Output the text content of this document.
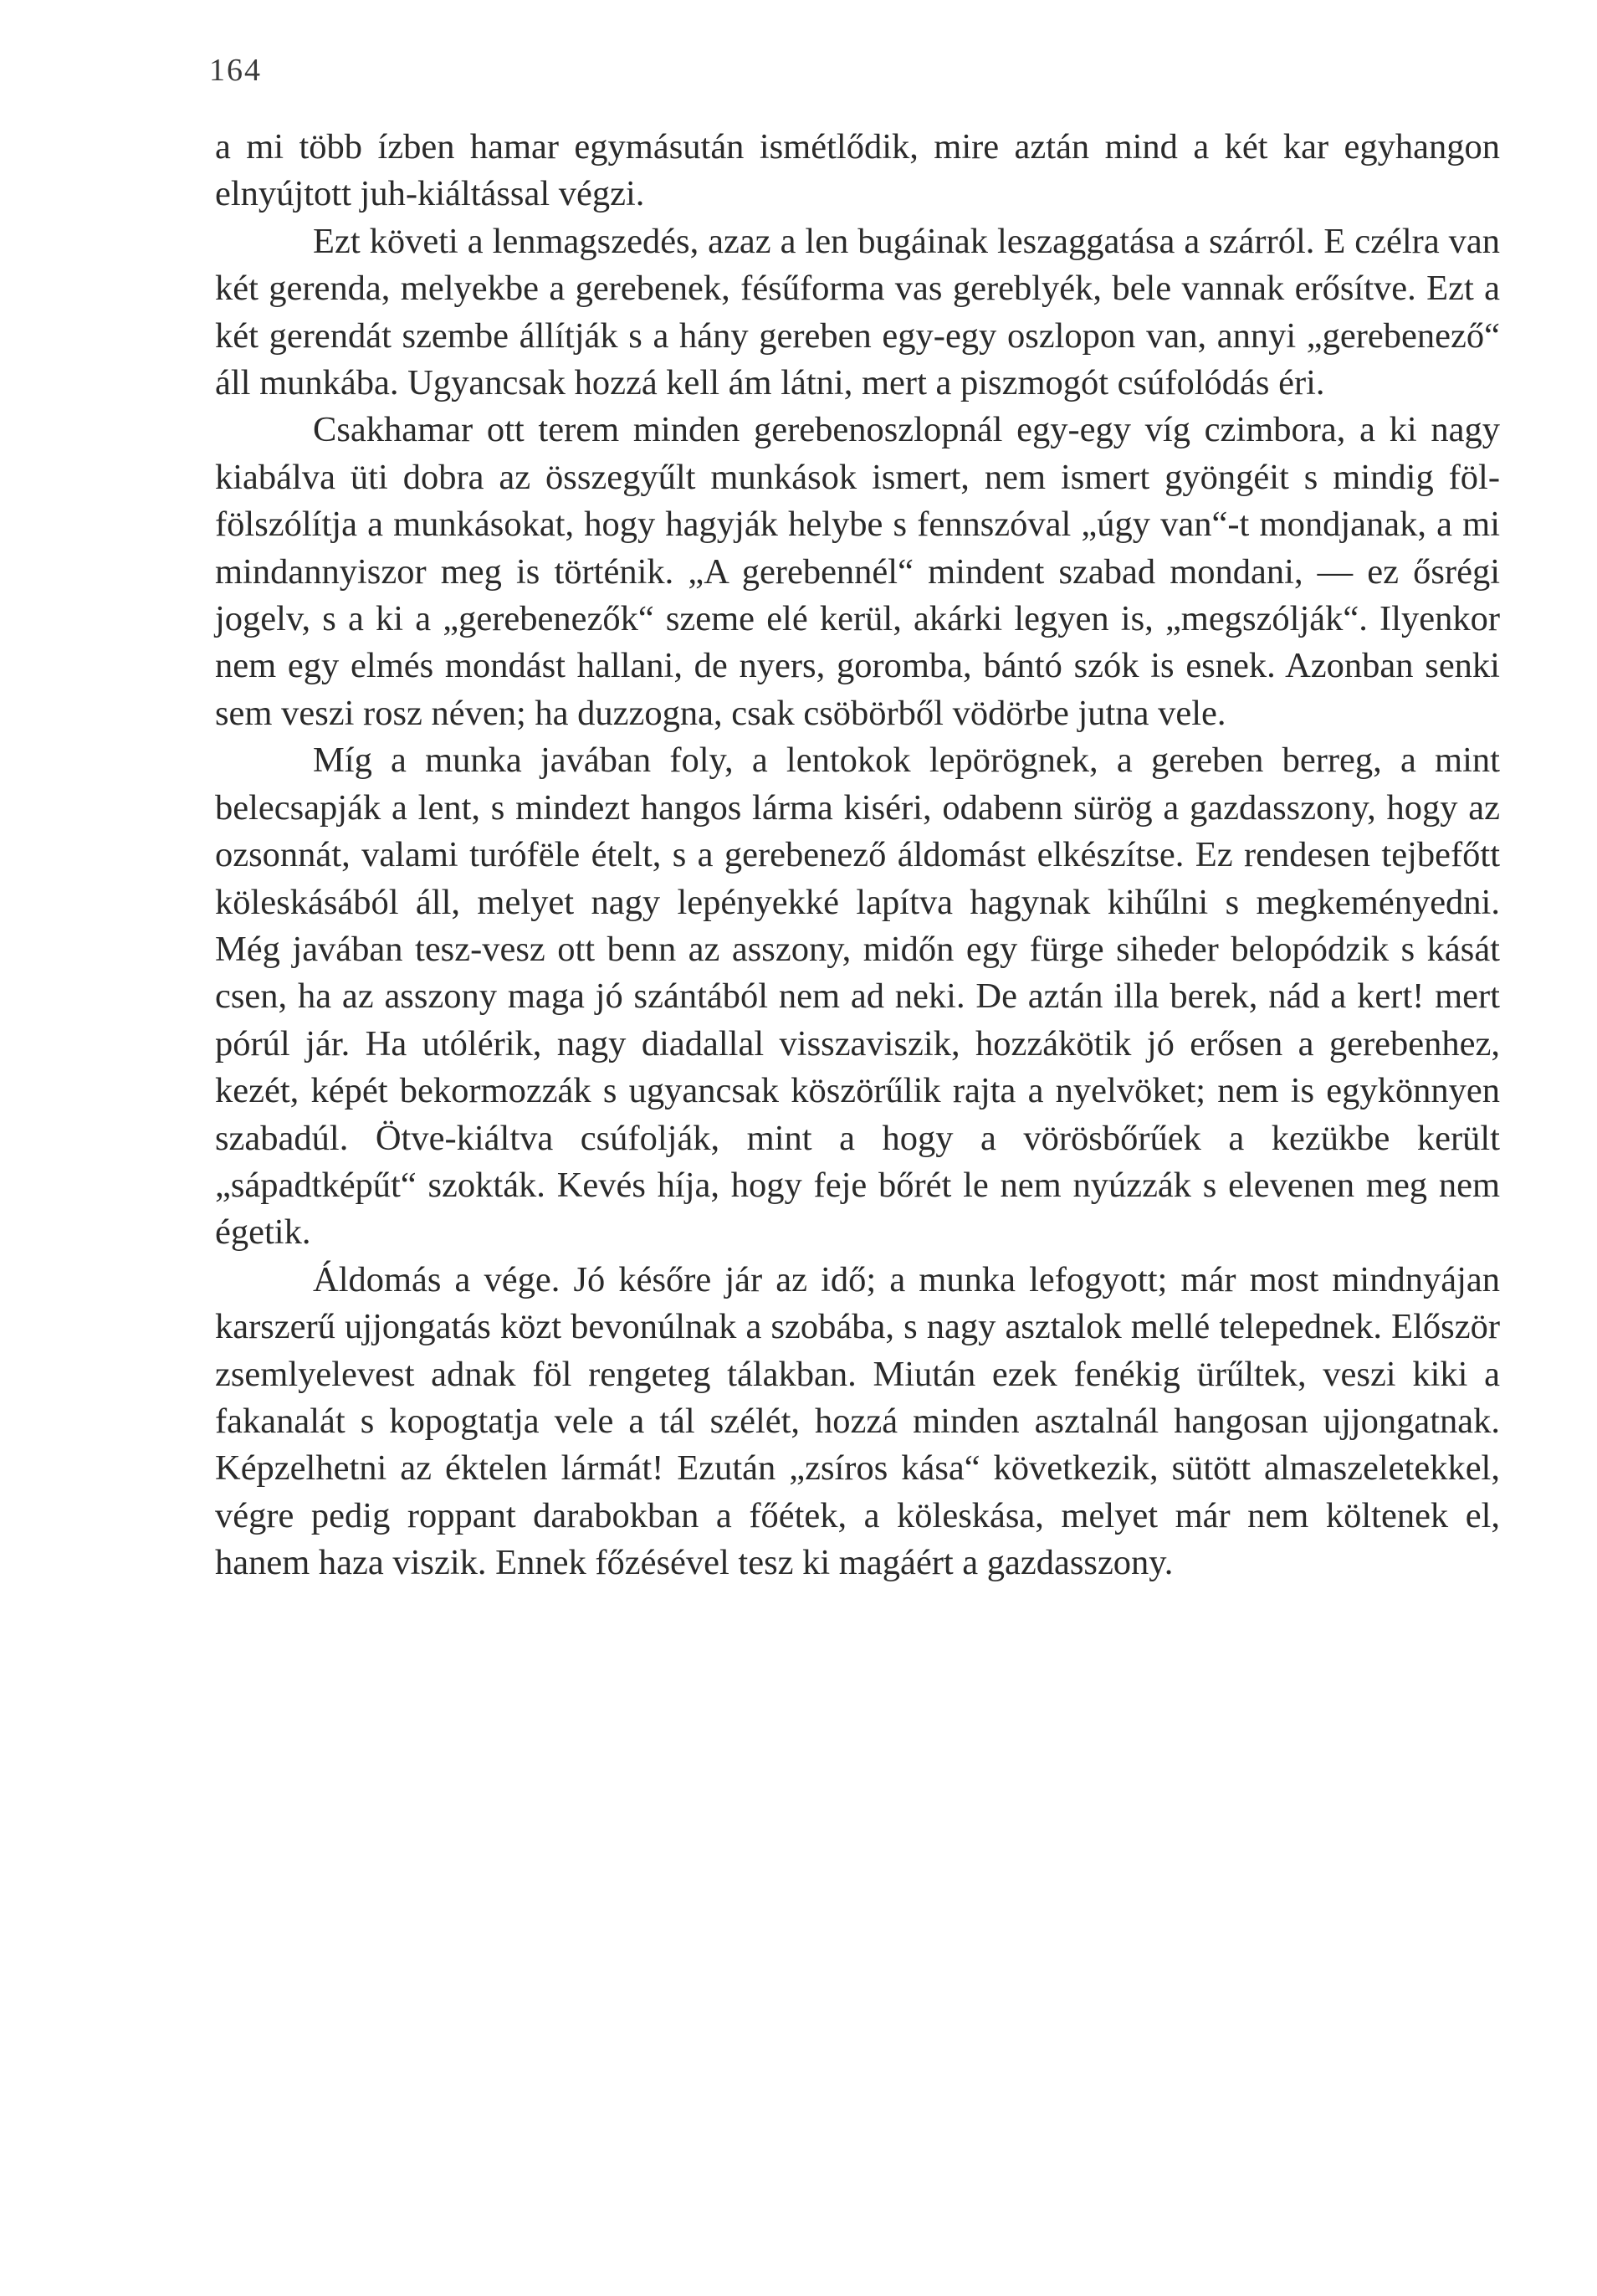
164

a mi több ízben hamar egymásután ismétlődik, mire aztán mind a két kar egyhangon elnyújtott juh-kiáltással végzi.

Ezt követi a lenmagszedés, azaz a len bugáinak leszaggatása a szárról. E czélra van két gerenda, melyekbe a gerebenek, fésűforma vas gereblyék, bele vannak erősítve. Ezt a két gerendát szembe állítják s a hány gereben egy-egy oszlopon van, annyi „gerebenező“ áll munkába. Ugyancsak hozzá kell ám látni, mert a piszmogót csúfolódás éri.

Csakhamar ott terem minden gerebenoszlopnál egy-egy víg czimbora, a ki nagy kiabálva üti dobra az összegyűlt munkások ismert, nem ismert gyöngéit s mindig föl-fölszólítja a munkásokat, hogy hagyják helybe s fennszóval „úgy van“-t mondjanak, a mi mindannyiszor meg is történik. „A gerebennél“ mindent szabad mondani, — ez ősrégi jogelv, s a ki a „gerebenezők“ szeme elé kerül, akárki legyen is, „megszólják“. Ilyenkor nem egy elmés mondást hallani, de nyers, goromba, bántó szók is esnek. Azonban senki sem veszi rosz néven; ha duzzogna, csak csöbörből vödörbe jutna vele.

Míg a munka javában foly, a lentokok lepörögnek, a gereben berreg, a mint belecsapják a lent, s mindezt hangos lárma kiséri, odabenn sürög a gazdasszony, hogy az ozsonnát, valami turófële ételt, s a gerebenező áldomást elkészítse. Ez rendesen tejbefőtt köleskásából áll, melyet nagy lepényekké lapítva hagynak kihűlni s megkeményedni. Még javában tesz-vesz ott benn az asszony, midőn egy fürge siheder belopódzik s kását csen, ha az asszony maga jó szántából nem ad neki. De aztán illa berek, nád a kert! mert pórúl jár. Ha utólérik, nagy diadallal visszaviszik, hozzákötik jó erősen a gerebenhez, kezét, képét bekormozzák s ugyancsak köszörűlik rajta a nyelvöket; nem is egykönnyen szabadúl. Ötve-kiáltva csúfolják, mint a hogy a vörösbőrűek a kezükbe került „sápadtképűt“ szokták. Kevés híja, hogy feje bőrét le nem nyúzzák s elevenen meg nem égetik.

Áldomás a vége. Jó későre jár az idő; a munka lefogyott; már most mindnyájan karszerű ujjongatás közt bevonúlnak a szobába, s nagy asztalok mellé telepednek. Először zsemlyelevest adnak föl rengeteg tálakban. Miután ezek fenékig ürűltek, veszi kiki a fakanalát s kopogtatja vele a tál szélét, hozzá minden asztalnál hangosan ujjongatnak. Képzelhetni az éktelen lármát! Ezután „zsíros kása“ következik, sütött almaszeletekkel, végre pedig roppant darabokban a főétek, a köleskása, melyet már nem költenek el, hanem haza viszik. Ennek főzésével tesz ki magáért a gazdasszony.
